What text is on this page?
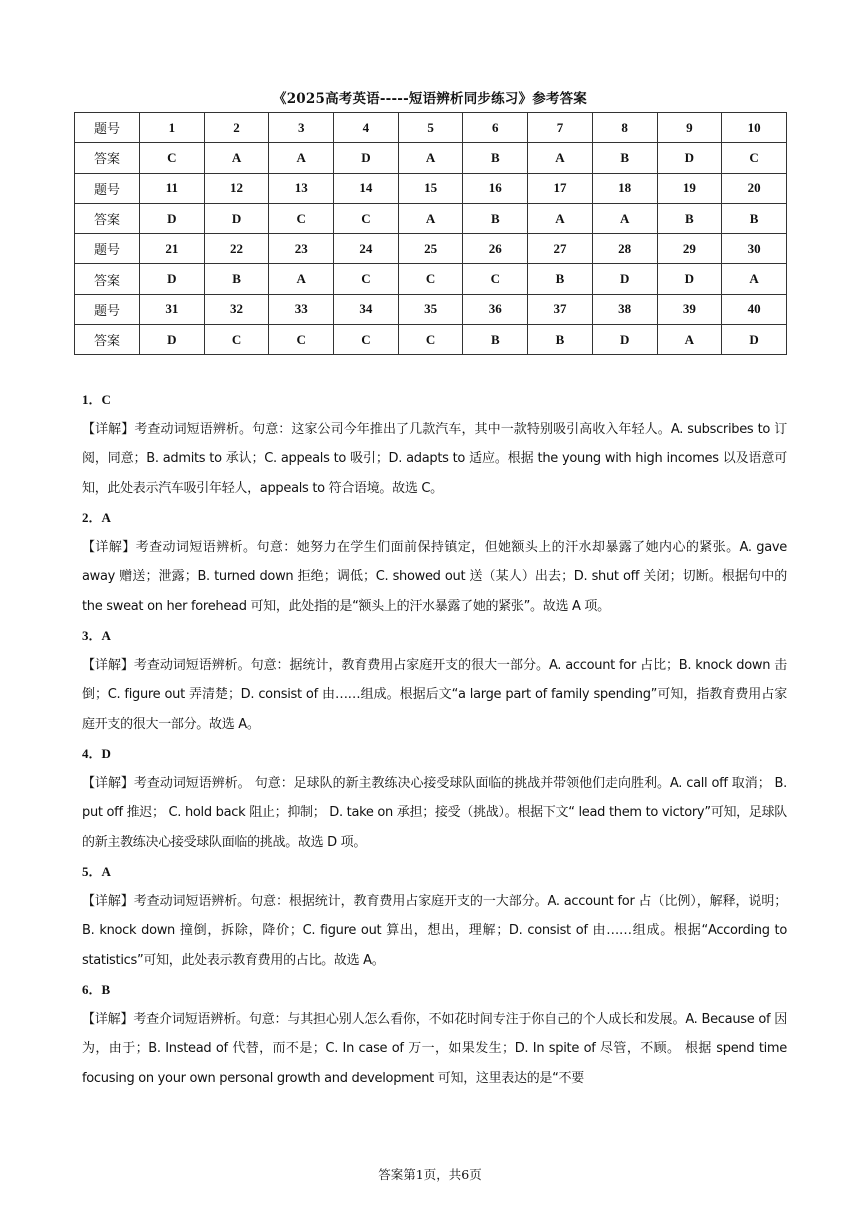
《2025高考英语-----短语辨析同步练习》参考答案
题号	1	2	3	4	5	6	7	8	9	10
答案	C	A	A	D	A	B	A	B	D	C
题号	11	12	13	14	15	16	17	18	19	20
答案	D	D	C	C	A	B	A	A	B	B
题号	21	22	23	24	25	26	27	28	29	30
答案	D	B	A	C	C	C	B	D	D	A
题号	31	32	33	34	35	36	37	38	39	40
答案	D	C	C	C	C	B	B	D	A	D
1．C
【详解】考查动词短语辨析。句意：这家公司今年推出了几款汽车，其中一款特别吸引高收入年轻人。A. subscribes to 订阅，同意；B. admits to 承认；C. appeals to 吸引；D. adapts to 适应。根据 the young with high incomes 以及语意可知，此处表示汽车吸引年轻人，appeals to 符合语境。故选 C。
2．A
【详解】考查动词短语辨析。句意：她努力在学生们面前保持镇定，但她额头上的汗水却暴露了她内心的紧张。A. gave away 赠送；泄露；B. turned down 拒绝；调低；C. showed out 送（某人）出去；D. shut off 关闭；切断。根据句中的 the sweat on her forehead 可知，此处指的是“额头上的汗水暴露了她的紧张”。故选 A 项。
3．A
【详解】考查动词短语辨析。句意：据统计，教育费用占家庭开支的很大一部分。A. account for 占比；B. knock down 击倒；C. figure out 弄清楚；D. consist of 由……组成。根据后文“a large part of family spending”可知，指教育费用占家庭开支的很大一部分。故选 A。
4．D
【详解】考查动词短语辨析。 句意：足球队的新主教练决心接受球队面临的挑战并带领他们走向胜利。A. call off 取消； B. put off 推迟； C. hold back 阻止；抑制； D. take on 承担；接受（挑战）。根据下文“ lead them to victory”可知，足球队的新主教练决心接受球队面临的挑战。故选 D 项。
5．A
【详解】考查动词短语辨析。句意：根据统计，教育费用占家庭开支的一大部分。A. account for 占（比例），解释，说明；B. knock down 撞倒，拆除，降价；C. figure out 算出，想出，理解；D. consist of 由……组成。根据“According to statistics”可知，此处表示教育费用的占比。故选 A。
6．B
【详解】考查介词短语辨析。句意：与其担心别人怎么看你，不如花时间专注于你自己的个人成长和发展。A. Because of 因为，由于；B. Instead of 代替，而不是；C. In case of 万一，如果发生；D. In spite of 尽管，不顾。 根据 spend time focusing on your own personal growth and development 可知，这里表达的是“不要
答案第1页，共6页
